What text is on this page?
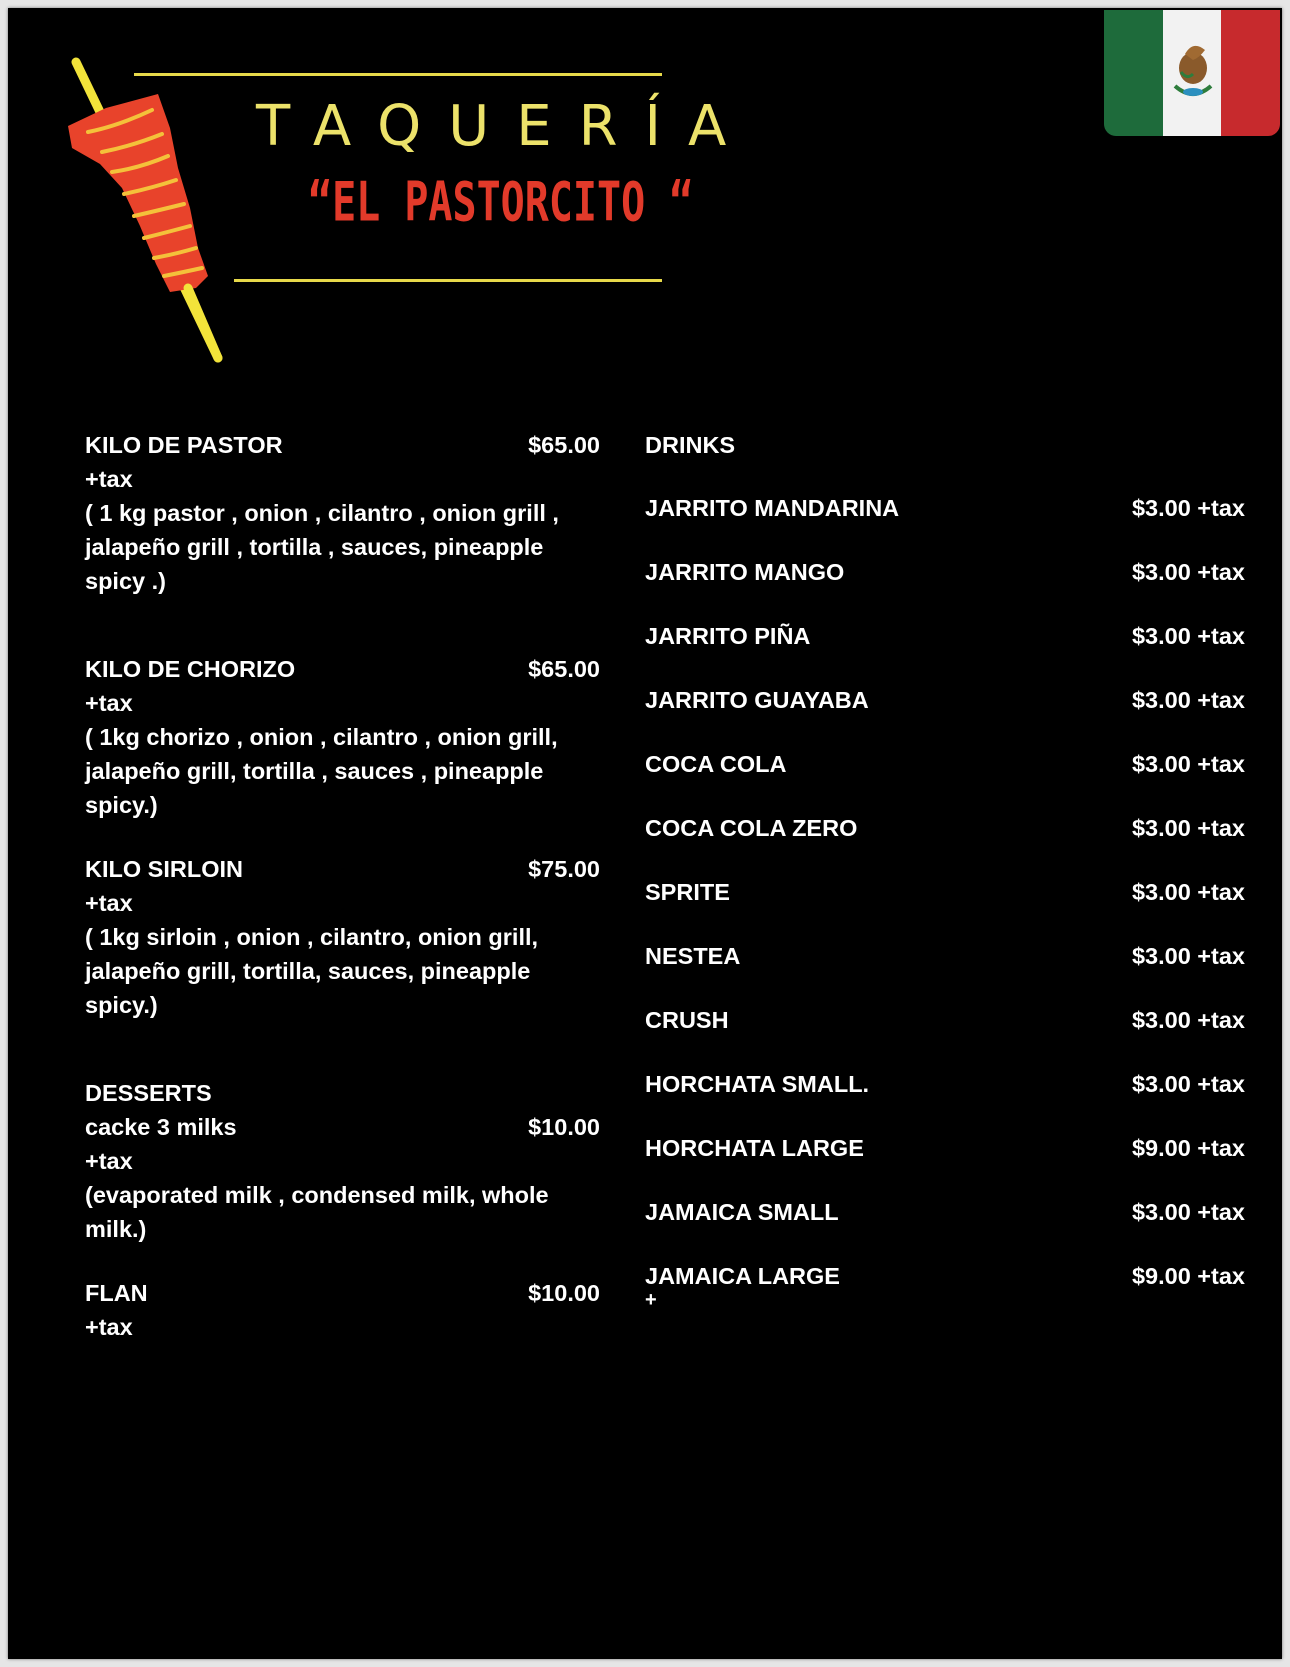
TAQUERÍA
“EL PASTORCITO “
KILO DE PASTOR	$65.00
+tax
( 1 kg pastor , onion , cilantro , onion grill , jalapeño grill , tortilla , sauces, pineapple spicy .)
KILO DE CHORIZO	$65.00
+tax
( 1kg chorizo , onion , cilantro , onion grill, jalapeño grill, tortilla , sauces , pineapple spicy.)
KILO SIRLOIN	$75.00
+tax
( 1kg sirloin , onion , cilantro, onion grill, jalapeño grill, tortilla, sauces, pineapple spicy.)
DESSERTS
cacke 3 milks	$10.00
+tax
(evaporated milk , condensed milk, whole milk.)
FLAN	$10.00
+tax
DRINKS
JARRITO MANDARINA	$3.00 +tax
JARRITO MANGO	$3.00 +tax
JARRITO PIÑA	$3.00 +tax
JARRITO GUAYABA	$3.00 +tax
COCA COLA	$3.00 +tax
COCA COLA ZERO	$3.00 +tax
SPRITE	$3.00 +tax
NESTEA	$3.00 +tax
CRUSH	$3.00 +tax
HORCHATA SMALL.	$3.00 +tax
HORCHATA LARGE	$9.00 +tax
JAMAICA SMALL	$3.00 +tax
JAMAICA LARGE	$9.00 +tax
+
